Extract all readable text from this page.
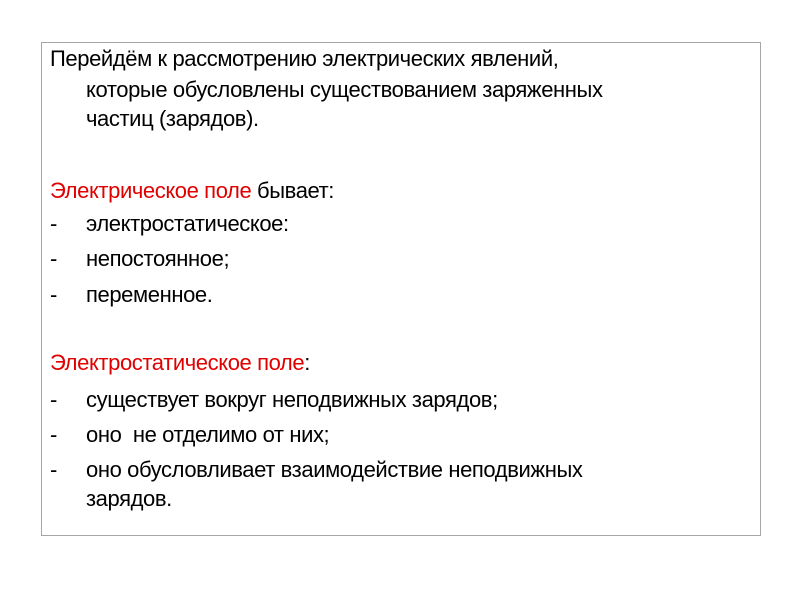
Перейдём к рассмотрению электрических явлений,
которые обусловлены существованием заряженных
частиц (зарядов).
Электрическое поле бывает:
- электростатическое:
- непостоянное;
- переменное.
Электростатическое поле:
- существует вокруг неподвижных зарядов;
- оно  не отделимо от них;
- оно обусловливает взаимодействие неподвижных
зарядов.
